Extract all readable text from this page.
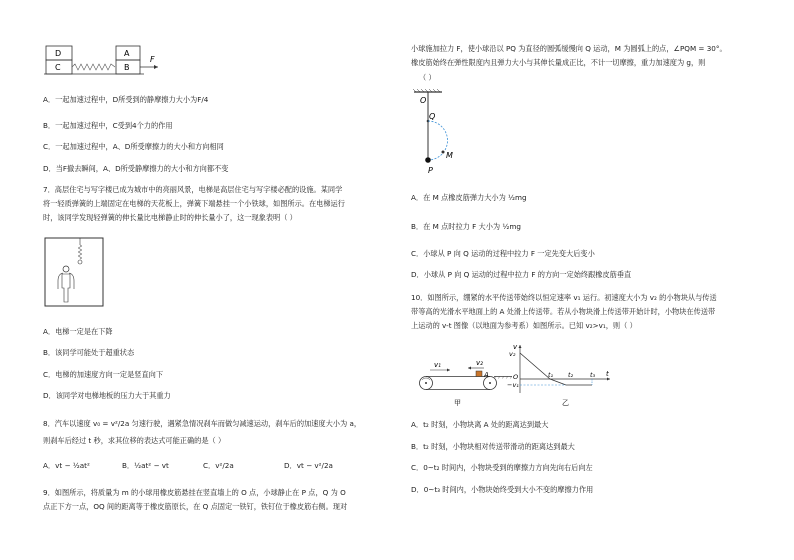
D
C
A
B
F
A．一起加速过程中，D所受到的静摩擦力大小为F/4
B．一起加速过程中，C受到4个力的作用
C．一起加速过程中，A、D所受摩擦力的大小和方向相同
D．当F撤去瞬间，A、D所受静摩擦力的大小和方向都不变
7．高层住宅与写字楼已成为城市中的亮丽风景，电梯是高层住宅与写字楼必配的设施。某同学
将一轻质弹簧的上端固定在电梯的天花板上，弹簧下端悬挂一个小铁球，如图所示。在电梯运行
时，该同学发现轻弹簧的伸长量比电梯静止时的伸长量小了，这一现象表明（ ）
A．电梯一定是在下降
B．该同学可能处于超重状态
C．电梯的加速度方向一定是竖直向下
D．该同学对电梯地板的压力大于其重力
8．汽车以速度 v₀ = v²/2a 匀速行驶，遇紧急情况刹车而做匀减速运动，刹车后的加速度大小为 a，
则刹车后经过 t 秒，求其位移的表达式可能正确的是（ ）
A．vt − ½at²	B．½at² − vt	C．v²/2a	D．vt − v²/2a
9．如图所示，将质量为 m 的小球用橡皮筋悬挂在竖直墙上的 O 点，小球静止在 P 点，Q 为 O
点正下方一点，OQ 间的距离等于橡皮筋原长，在 Q 点固定一铁钉，铁钉位于橡皮筋右侧。现对
小球施加拉力 F，使小球沿以 PQ 为直径的圆弧缓慢向 Q 运动，M 为圆弧上的点，∠PQM = 30°。
橡皮筋始终在弹性限度内且弹力大小与其伸长量成正比，不计一切摩擦，重力加速度为 g，则
（ ）
O
Q
M
P
A．在 M 点橡皮筋弹力大小为 ½mg
B．在 M 点时拉力 F 大小为 ½mg
C．小球从 P 向 Q 运动的过程中拉力 F 一定先变大后变小
D．小球从 P 向 Q 运动的过程中拉力 F 的方向一定始终跟橡皮筋垂直
10．如图所示，绷紧的水平传送带始终以恒定速率 v₁ 运行。初速度大小为 v₂ 的小物块从与传送
带等高的光滑水平地面上的 A 处滑上传送带。若从小物块滑上传送带开始计时，小物块在传送带
上运动的 v-t 图像（以地面为参考系）如图所示。已知 v₂>v₁，则（ ）
v₁	v₂
A
甲
v
v₂
O
−v₁
t₁ t₂	t₃ t
乙
A．t₂ 时刻，小物块离 A 处的距离达到最大
B．t₂ 时刻，小物块相对传送带滑动的距离达到最大
C．0~t₂ 时间内，小物块受到的摩擦力方向先向右后向左
D．0~t₃ 时间内，小物块始终受到大小不变的摩擦力作用
